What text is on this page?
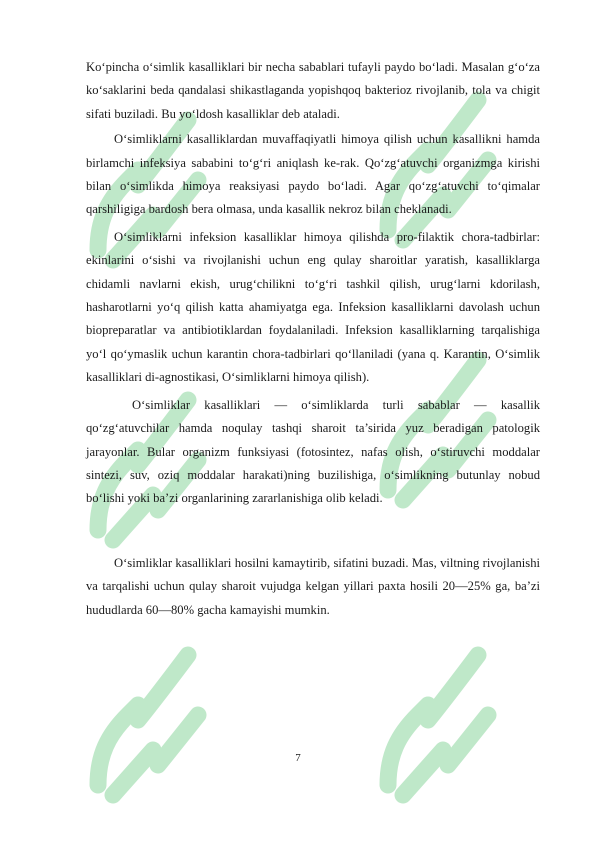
Ko‘pincha o‘simlik kasalliklari bir necha sabablari tufayli paydo bo‘ladi. Masalan g‘o‘za ko‘saklarini beda qandalasi shikastlaganda yopishqoq bakterioz rivojlanib, tola va chigit sifati buziladi. Bu yo‘ldosh kasalliklar deb ataladi.

O‘simliklarni kasalliklardan muvaffaqiyatli himoya qilish uchun kasallikni hamda birlamchi infeksiya sababini to‘g‘ri aniqlash ke-rak. Qo‘zg‘atuvchi organizmga kirishi bilan o‘simlikda himoya reaksiyasi paydo bo‘ladi. Agar qo‘zg‘atuvchi to‘qimalar qarshiligiga bardosh bera olmasa, unda kasallik nekroz bilan cheklanadi.

O‘simliklarni infeksion kasalliklar himoya qilishda pro-filaktik chora-tadbirlar: ekinlarini o‘sishi va rivojlanishi uchun eng qulay sharoitlar yaratish, kasalliklarga chidamli navlarni ekish, urug‘chilikni to‘g‘ri tashkil qilish, urug‘larni kdorilash, hasharotlarni yo‘q qilish katta ahamiyatga ega. Infeksion kasalliklarni davolash uchun biopreparatlar va antibiotiklardan foydalaniladi. Infeksion kasalliklarning tarqalishiga yo‘l qo‘ymaslik uchun karantin chora-tadbirlari qo‘llaniladi (yana q. Karantin, O‘simlik kasalliklari di-agnostikasi, O‘simliklarni himoya qilish).

O‘simliklar kasalliklari — o‘simliklarda turli sabablar — kasallik qo‘zg‘atuvchilar hamda noqulay tashqi sharoit ta’sirida yuz beradigan patologik jarayonlar. Bular organizm funksiyasi (fotosintez, nafas olish, o‘stiruvchi moddalar sintezi, suv, oziq moddalar harakati)ning buzilishiga, o‘simlikning butunlay nobud bo‘lishi yoki ba’zi organlarining zararlanishiga olib keladi.

O‘simliklar kasalliklari hosilni kamaytirib, sifatini buzadi. Mas, viltning rivojlanishi va tarqalishi uchun qulay sharoit vujudga kelgan yillari paxta hosili 20—25% ga, ba’zi hududlarda 60—80% gacha kamayishi mumkin.

7
